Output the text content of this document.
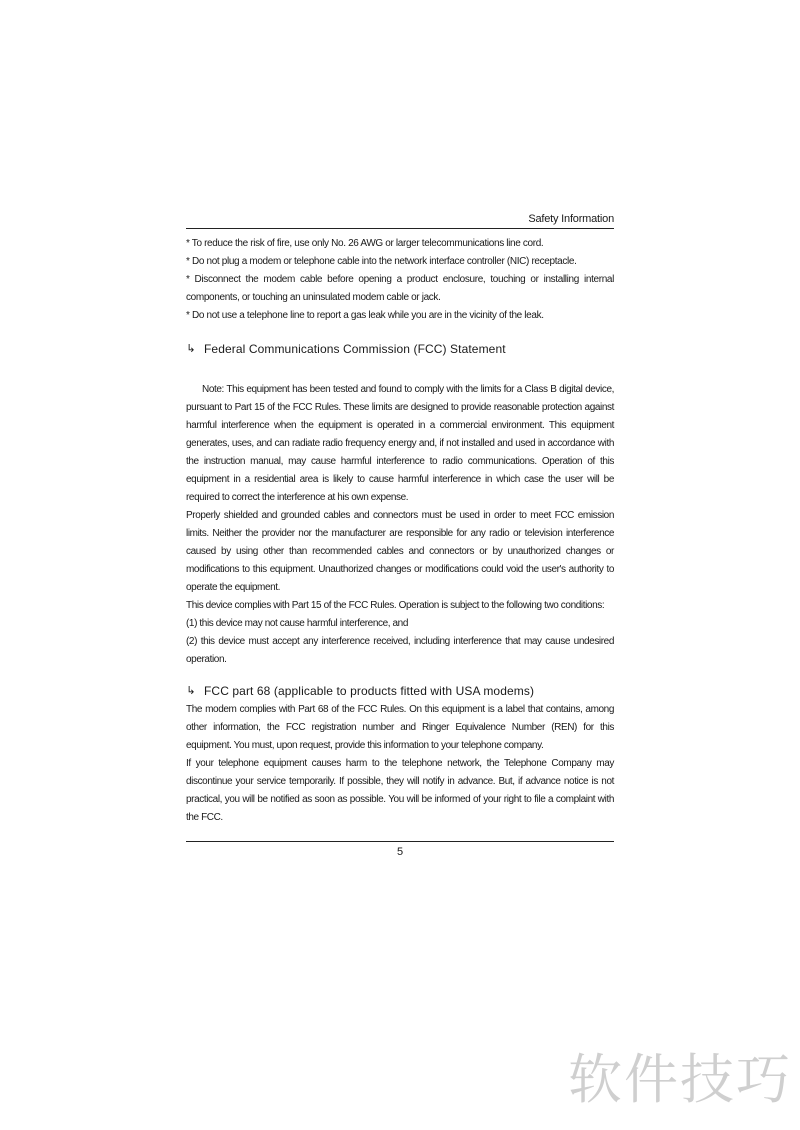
Safety Information
* To reduce the risk of fire, use only No. 26 AWG or larger telecommunications line cord.
* Do not plug a modem or telephone cable into the network interface controller (NIC) receptacle.
* Disconnect the modem cable before opening a product enclosure, touching or installing internal components, or touching an uninsulated modem cable or jack.
* Do not use a telephone line to report a gas leak while you are in the vicinity of the leak.
↳ Federal Communications Commission (FCC) Statement
Note: This equipment has been tested and found to comply with the limits for a Class B digital device, pursuant to Part 15 of the FCC Rules. These limits are designed to provide reasonable protection against harmful interference when the equipment is operated in a commercial environment. This equipment generates, uses, and can radiate radio frequency energy and, if not installed and used in accordance with the instruction manual, may cause harmful interference to radio communications. Operation of this equipment in a residential area is likely to cause harmful interference in which case the user will be required to correct the interference at his own expense.
Properly shielded and grounded cables and connectors must be used in order to meet FCC emission limits. Neither the provider nor the manufacturer are responsible for any radio or television interference caused by using other than recommended cables and connectors or by unauthorized changes or modifications to this equipment. Unauthorized changes or modifications could void the user's authority to operate the equipment.
This device complies with Part 15 of the FCC Rules. Operation is subject to the following two conditions:
(1) this device may not cause harmful interference, and
(2) this device must accept any interference received, including interference that may cause undesired operation.
↳ FCC part 68 (applicable to products fitted with USA modems)
The modem complies with Part 68 of the FCC Rules. On this equipment is a label that contains, among other information, the FCC registration number and Ringer Equivalence Number (REN) for this equipment. You must, upon request, provide this information to your telephone company.
If your telephone equipment causes harm to the telephone network, the Telephone Company may discontinue your service temporarily. If possible, they will notify in advance. But, if advance notice is not practical, you will be notified as soon as possible. You will be informed of your right to file a complaint with the FCC.
5
软件技巧
